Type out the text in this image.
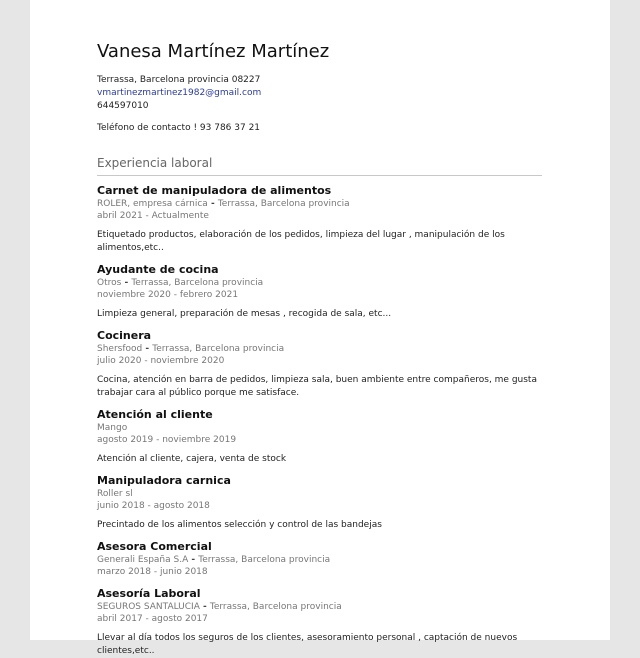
Vanesa Martínez Martínez
Terrassa, Barcelona provincia 08227
vmartinezmartinez1982@gmail.com
644597010
Teléfono de contacto ! 93 786 37 21
Experiencia laboral
Carnet de manipuladora de alimentos
ROLER, empresa cárnica - Terrassa, Barcelona provincia
abril 2021 - Actualmente
Etiquetado productos, elaboración de los pedidos, limpieza del lugar , manipulación de los alimentos,etc..
Ayudante de cocina
Otros - Terrassa, Barcelona provincia
noviembre 2020 - febrero 2021
Limpieza general, preparación de mesas , recogida de sala, etc...
Cocinera
Shersfood - Terrassa, Barcelona provincia
julio 2020 - noviembre 2020
Cocina, atención en barra de pedidos, limpieza sala, buen ambiente entre compañeros, me gusta trabajar cara al público porque me satisface.
Atención al cliente
Mango
agosto 2019 - noviembre 2019
Atención al cliente, cajera, venta de stock
Manipuladora carnica
Roller sl
junio 2018 - agosto 2018
Precintado de los alimentos selección y control de las bandejas
Asesora Comercial
Generali España S.A - Terrassa, Barcelona provincia
marzo 2018 - junio 2018
Asesoría Laboral
SEGUROS SANTALUCIA - Terrassa, Barcelona provincia
abril 2017 - agosto 2017
Llevar al día todos los seguros de los clientes, asesoramiento personal , captación de nuevos clientes,etc..
